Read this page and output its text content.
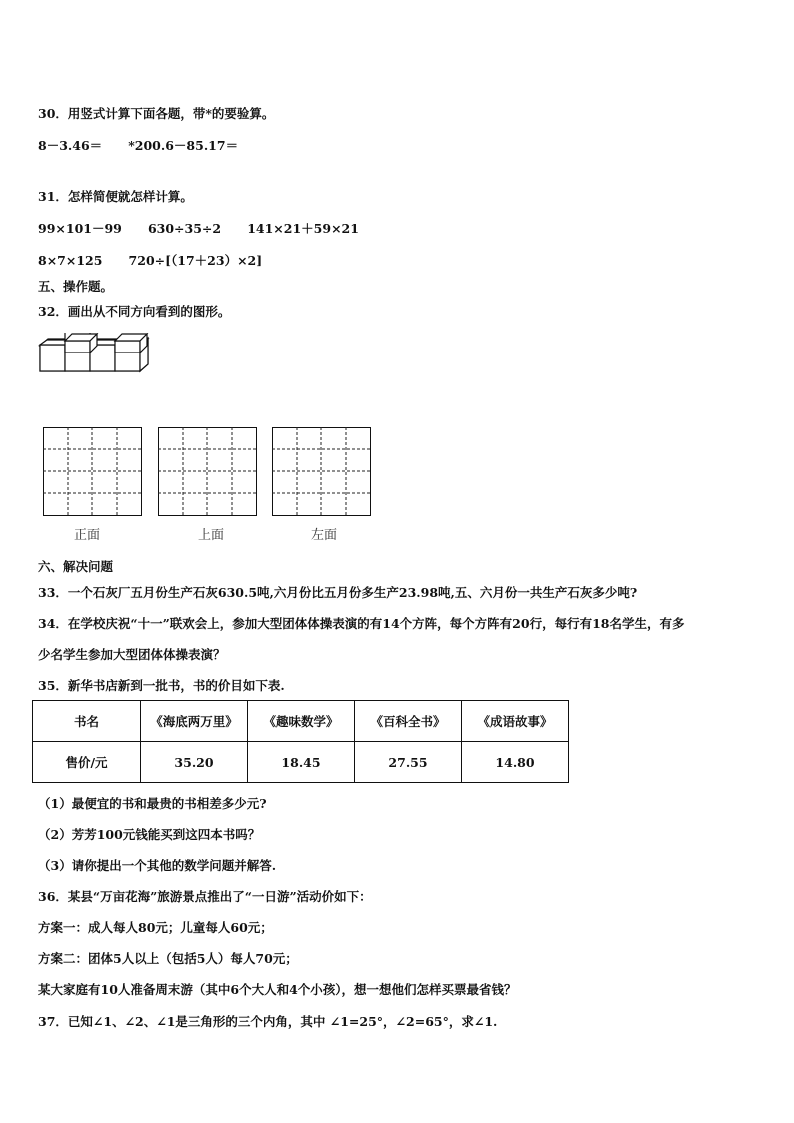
30．用竖式计算下面各题，带*的要验算。
8－3.46＝      *200.6－85.17＝
31．怎样简便就怎样计算。
99×101－99      630÷35÷2      141×21＋59×21
8×7×125      720÷[（17＋23）×2]
五、操作题。
32．画出从不同方向看到的图形。
正面	上面	左面
六、解决问题
33．一个石灰厂五月份生产石灰630.5吨,六月份比五月份多生产23.98吨,五、六月份一共生产石灰多少吨?
34．在学校庆祝“十一”联欢会上，参加大型团体体操表演的有14个方阵，每个方阵有20行，每行有18名学生，有多
少名学生参加大型团体体操表演？
35．新华书店新到一批书，书的价目如下表.
书名	《海底两万里》	《趣味数学》	《百科全书》	《成语故事》
售价/元	35.20	18.45	27.55	14.80
（1）最便宜的书和最贵的书相差多少元?
（2）芳芳100元钱能买到这四本书吗？
（3）请你提出一个其他的数学问题并解答.
36．某县“万亩花海”旅游景点推出了“一日游”活动价如下：
方案一：成人每人80元；儿童每人60元；
方案二：团体5人以上（包括5人）每人70元；
某大家庭有10人准备周末游（其中6个大人和4个小孩），想一想他们怎样买票最省钱？
37．已知∠1、∠2、∠1是三角形的三个内角，其中 ∠1=25°，∠2=65°，求∠1.
